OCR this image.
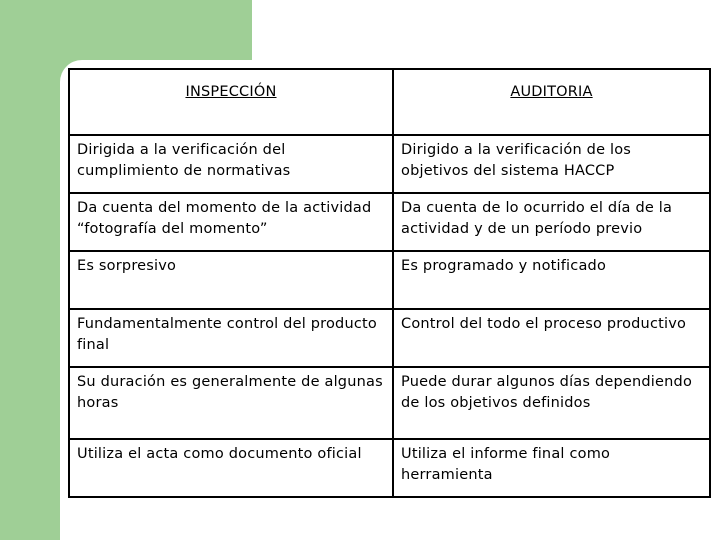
INSPECCIÓN	AUDITORIA

Dirigida a la verificación del cumplimiento de normativas	Dirigido a la verificación de los objetivos del sistema HACCP

Da cuenta del momento de la actividad “fotografía del momento”	Da cuenta de lo ocurrido el día de la actividad y de un período previo

Es sorpresivo	Es programado y notificado

Fundamentalmente control del producto final	Control del todo el proceso productivo

Su duración es generalmente de algunas horas	Puede durar algunos días dependiendo de los objetivos definidos

Utiliza el acta como documento oficial	Utiliza el informe final como herramienta
